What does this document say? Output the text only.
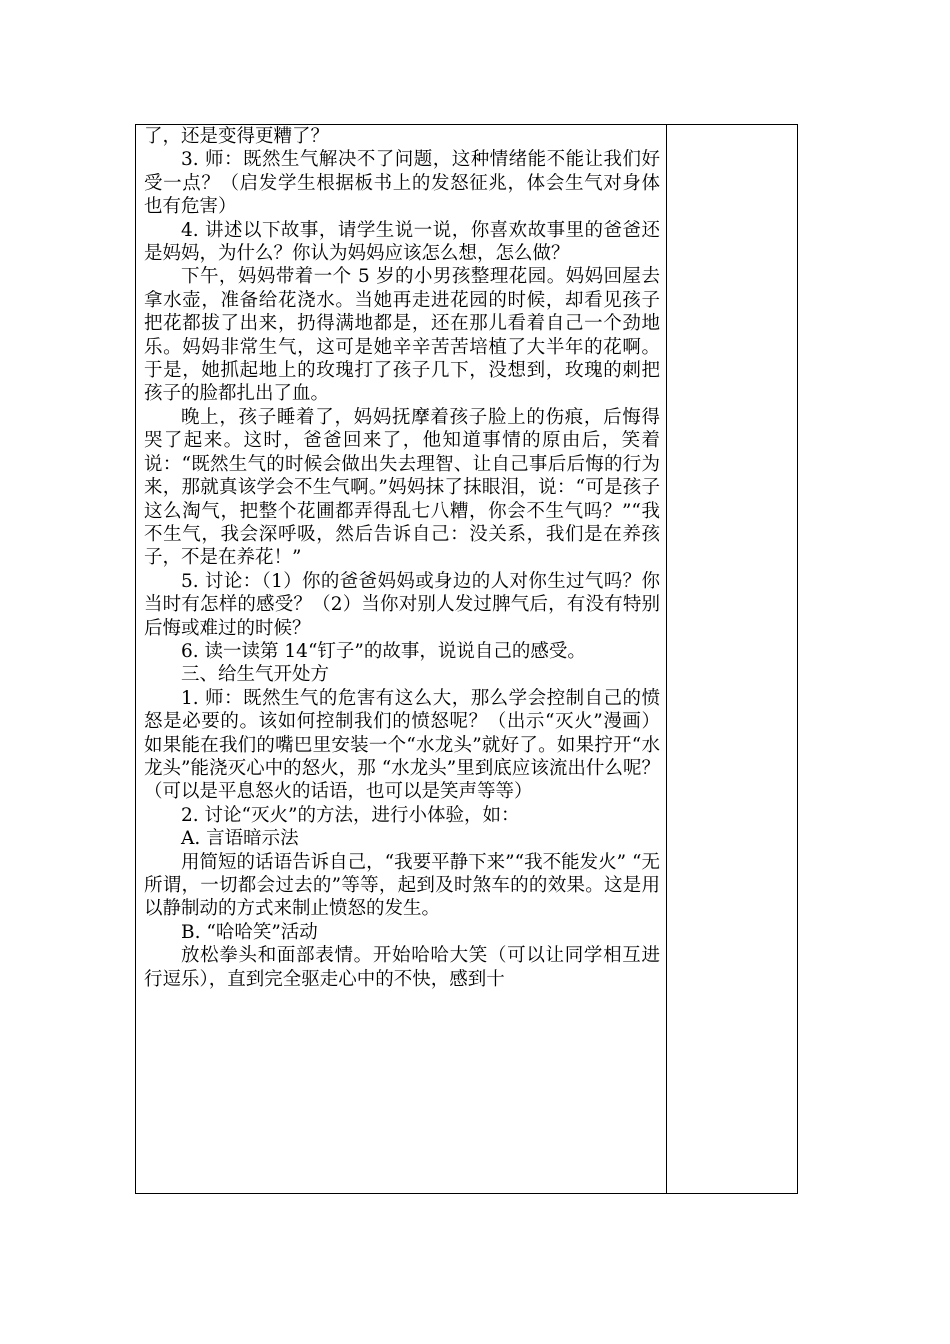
了，还是变得更糟了？

3. 师：既然生气解决不了问题，这种情绪能不能让我们好受一点？（启发学生根据板书上的发怒征兆，体会生气对身体也有危害）

4. 讲述以下故事，请学生说一说，你喜欢故事里的爸爸还是妈妈，为什么？你认为妈妈应该怎么想，怎么做？

下午，妈妈带着一个 5 岁的小男孩整理花园。妈妈回屋去拿水壶，准备给花浇水。当她再走进花园的时候，却看见孩子把花都拔了出来，扔得满地都是，还在那儿看着自己一个劲地乐。妈妈非常生气，这可是她辛辛苦苦培植了大半年的花啊。于是，她抓起地上的玫瑰打了孩子几下，没想到，玫瑰的刺把孩子的脸都扎出了血。

晚上，孩子睡着了，妈妈抚摩着孩子脸上的伤痕，后悔得哭了起来。这时，爸爸回来了，他知道事情的原由后，笑着说：“既然生气的时候会做出失去理智、让自己事后后悔的行为来，那就真该学会不生气啊。”妈妈抹了抹眼泪，说：“可是孩子这么淘气，把整个花圃都弄得乱七八糟，你会不生气吗？”“我不生气，我会深呼吸，然后告诉自己：没关系，我们是在养孩子，不是在养花！”

5. 讨论：（1）你的爸爸妈妈或身边的人对你生过气吗？你当时有怎样的感受？（2）当你对别人发过脾气后，有没有特别后悔或难过的时候？

6. 读一读第 14“钉子”的故事，说说自己的感受。

三、给生气开处方

1. 师：既然生气的危害有这么大，那么学会控制自己的愤怒是必要的。该如何控制我们的愤怒呢？（出示“灭火”漫画）如果能在我们的嘴巴里安装一个“水龙头”就好了。如果拧开“水龙头”能浇灭心中的怒火，那 “水龙头”里到底应该流出什么呢？（可以是平息怒火的话语，也可以是笑声等等）

2. 讨论“灭火”的方法，进行小体验，如：

A. 言语暗示法

用简短的话语告诉自己，“我要平静下来”“我不能发火” “无所谓，一切都会过去的”等等，起到及时煞车的的效果。这是用以静制动的方式来制止愤怒的发生。

B. “哈哈笑”活动

放松拳头和面部表情。开始哈哈大笑（可以让同学相互进行逗乐），直到完全驱走心中的不快，感到十
